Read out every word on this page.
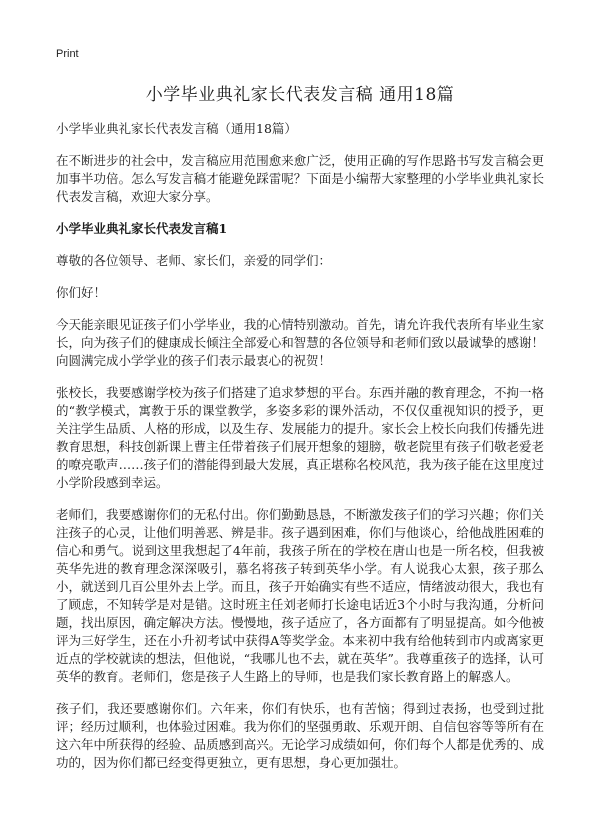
Print
小学毕业典礼家长代表发言稿 通用18篇
小学毕业典礼家长代表发言稿（通用18篇）

在不断进步的社会中，发言稿应用范围愈来愈广泛，使用正确的写作思路书写发言稿会更加事半功倍。怎么写发言稿才能避免踩雷呢？下面是小编帮大家整理的小学毕业典礼家长代表发言稿，欢迎大家分享。

小学毕业典礼家长代表发言稿1

尊敬的各位领导、老师、家长们，亲爱的同学们：

你们好！

今天能亲眼见证孩子们小学毕业，我的心情特别激动。首先，请允许我代表所有毕业生家长，向为孩子们的健康成长倾注全部爱心和智慧的各位领导和老师们致以最诚挚的感谢！向圆满完成小学学业的孩子们表示最衷心的祝贺！

张校长，我要感谢学校为孩子们搭建了追求梦想的平台。东西并融的教育理念，不拘一格的“教学模式，寓教于乐的课堂教学，多姿多彩的课外活动，不仅仅重视知识的授予，更关注学生品质、人格的形成，以及生存、发展能力的提升。家长会上校长向我们传播先进教育思想，科技创新课上曹主任带着孩子们展开想象的翅膀，敬老院里有孩子们敬老爱老的嘹亮歌声……孩子们的潜能得到最大发展，真正堪称名校风范，我为孩子能在这里度过小学阶段感到幸运。

老师们，我要感谢你们的无私付出。你们勤勤恳恳，不断激发孩子们的学习兴趣；你们关注孩子的心灵，让他们明善恶、辨是非。孩子遇到困难，你们与他谈心，给他战胜困难的信心和勇气。说到这里我想起了4年前，我孩子所在的学校在唐山也是一所名校，但我被英华先进的教育理念深深吸引，慕名将孩子转到英华小学。有人说我心太狠，孩子那么小，就送到几百公里外去上学。而且，孩子开始确实有些不适应，情绪波动很大，我也有了顾虑，不知转学是对是错。这时班主任刘老师打长途电话近3个小时与我沟通，分析问题，找出原因，确定解决方法。慢慢地，孩子适应了，各方面都有了明显提高。如今他被评为三好学生，还在小升初考试中获得A等奖学金。本来初中我有给他转到市内或离家更近点的学校就读的想法，但他说，“我哪儿也不去，就在英华”。我尊重孩子的选择，认可英华的教育。老师们，您是孩子人生路上的导师，也是我们家长教育路上的解惑人。

孩子们，我还要感谢你们。六年来，你们有快乐，也有苦恼；得到过表扬，也受到过批评；经历过顺利，也体验过困难。我为你们的坚强勇敢、乐观开朗、自信包容等等所有在这六年中所获得的经验、品质感到高兴。无论学习成绩如何，你们每个人都是优秀的、成功的，因为你们都已经变得更独立，更有思想，身心更加强壮。
